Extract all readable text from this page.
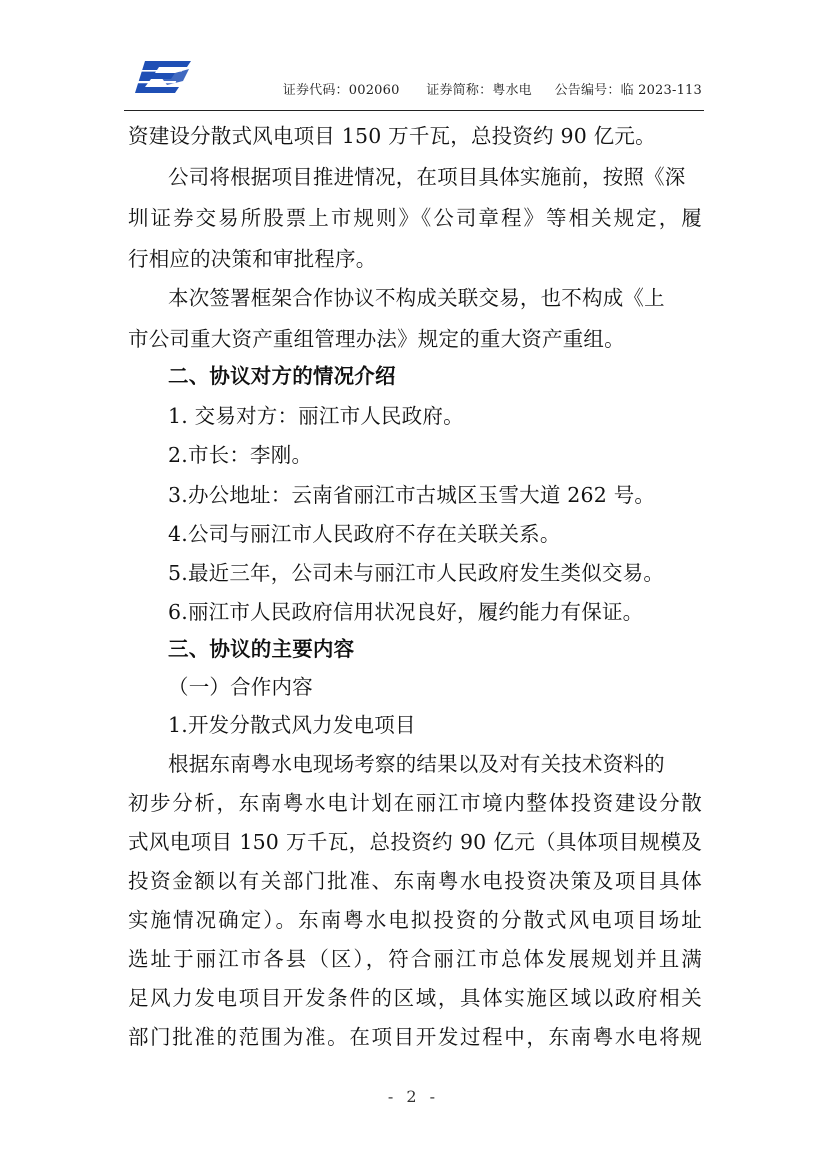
证券代码：002060 证券简称：粤水电 公告编号：临 2023-113
资建设分散式风电项目 150 万千瓦，总投资约 90 亿元。
公司将根据项目推进情况，在项目具体实施前，按照《深
圳证券交易所股票上市规则》《公司章程》等相关规定，履
行相应的决策和审批程序。
本次签署框架合作协议不构成关联交易，也不构成《上
市公司重大资产重组管理办法》规定的重大资产重组。
二、协议对方的情况介绍
1. 交易对方：丽江市人民政府。
2.市长：李刚。
3.办公地址：云南省丽江市古城区玉雪大道 262 号。
4.公司与丽江市人民政府不存在关联关系。
5.最近三年，公司未与丽江市人民政府发生类似交易。
6.丽江市人民政府信用状况良好，履约能力有保证。
三、协议的主要内容
（一）合作内容
1.开发分散式风力发电项目
根据东南粤水电现场考察的结果以及对有关技术资料的
初步分析，东南粤水电计划在丽江市境内整体投资建设分散
式风电项目 150 万千瓦，总投资约 90 亿元（具体项目规模及
投资金额以有关部门批准、东南粤水电投资决策及项目具体
实施情况确定）。东南粤水电拟投资的分散式风电项目场址
选址于丽江市各县（区），符合丽江市总体发展规划并且满
足风力发电项目开发条件的区域，具体实施区域以政府相关
部门批准的范围为准。在项目开发过程中，东南粤水电将规
- 2 -
